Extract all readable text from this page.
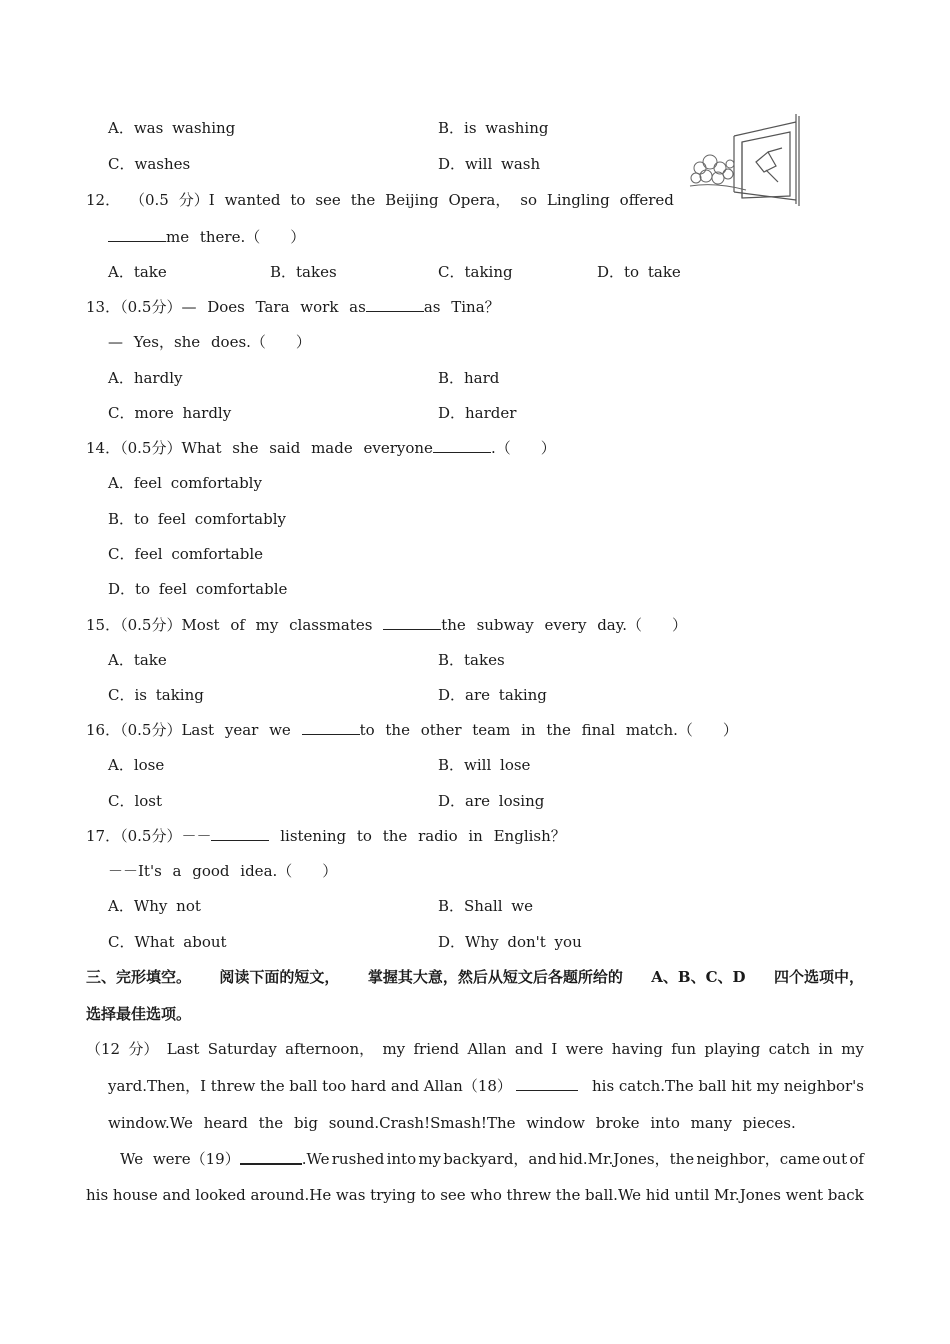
A．was washing	B．is washing
C．washes	D．will wash
12． （0.5 分）I wanted to see the Beijing Opera， so Lingling offered
me there.（　　）
A．take	B．takes	C．taking	D．to take
13．（0.5分）— Does Tara work as	as Tina？
— Yes，she does.（　　）
A．hardly	B．hard
C．more hardly	D．harder
14．（0.5分）What she said made everyone	.（　　）
A．feel comfortably
B．to feel comfortably
C．feel comfortable
D．to feel comfortable
15．（0.5分）Most of my classmates	the subway every day.（　　）
A．take	B．takes
C．is taking	D．are taking
16．（0.5分）Last year we	to the other team in the final match.（　　）
A．lose	B．will lose
C．lost	D．are losing
17．（0.5分）－－	listening to the radio in English？
－－It's a good idea.（　　）
A．Why not	B．Shall we
C．What about	D．Why don't you
三、完形填空。 阅读下面的短文， 掌握其大意，然后从短文后各题所给的 A、B、C、D 四个选项中，
选择最佳选项。
（12 分） Last Saturday afternoon， my friend Allan and I were having fun playing catch in my
yard.Then，I threw the ball too hard and Allan（18）	his catch.The ball hit my neighbor's
window.We heard the big sound.Crash!Smash!The window broke into many pieces.
We were（19）	.We rushed into my backyard，and hid.Mr.Jones，the neighbor，came out of
his house and looked around.He was trying to see who threw the ball.We hid until Mr.Jones went back
